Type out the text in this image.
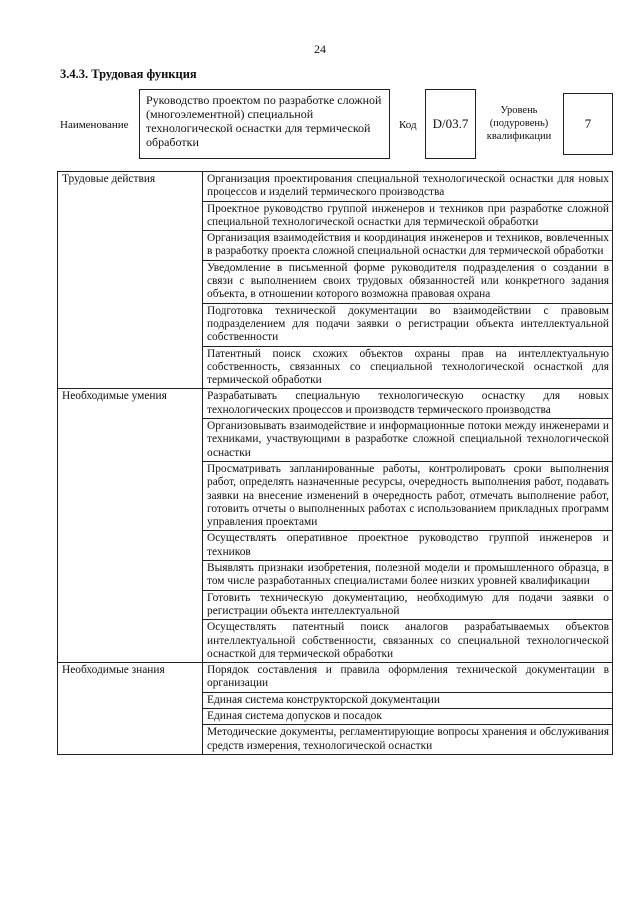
24
3.4.3. Трудовая функция
Наименование
Руководство проектом по разработке сложной (многоэлементной) специальной технологической оснастки для термической обработки
Код	D/03.7
Уровень (подуровень) квалификации
7
Трудовые действия	Организация проектирования специальной технологической оснастки для новых процессов и изделий термического производства
	Проектное руководство группой инженеров и техников при разработке сложной специальной технологической оснастки для термической обработки
	Организация взаимодействия и координация инженеров и техников, вовлеченных в разработку проекта сложной специальной оснастки для термической обработки
	Уведомление в письменной форме руководителя подразделения о создании в связи с выполнением своих трудовых обязанностей или конкретного задания объекта, в отношении которого возможна правовая охрана
	Подготовка технической документации во взаимодействии с правовым подразделением для подачи заявки о регистрации объекта интеллектуальной собственности
	Патентный поиск схожих объектов охраны прав на интеллектуальную собственность, связанных со специальной технологической оснасткой для термической обработки
Необходимые умения	Разрабатывать специальную технологическую оснастку для новых технологических процессов и производств термического производства
	Организовывать взаимодействие и информационные потоки между инженерами и техниками, участвующими в разработке сложной специальной технологической оснастки
	Просматривать запланированные работы, контролировать сроки выполнения работ, определять назначенные ресурсы, очередность выполнения работ, подавать заявки на внесение изменений в очередность работ, отмечать выполнение работ, готовить отчеты о выполненных работах с использованием прикладных программ управления проектами
	Осуществлять оперативное проектное руководство группой инженеров и техников
	Выявлять признаки изобретения, полезной модели и промышленного образца, в том числе разработанных специалистами более низких уровней квалификации
	Готовить техническую документацию, необходимую для подачи заявки о регистрации объекта интеллектуальной
	Осуществлять патентный поиск аналогов разрабатываемых объектов интеллектуальной собственности, связанных со специальной технологической оснасткой для термической обработки
Необходимые знания	Порядок составления и правила оформления технической документации в организации
	Единая система конструкторской документации
	Единая система допусков и посадок
	Методические документы, регламентирующие вопросы хранения и обслуживания средств измерения, технологической оснастки
